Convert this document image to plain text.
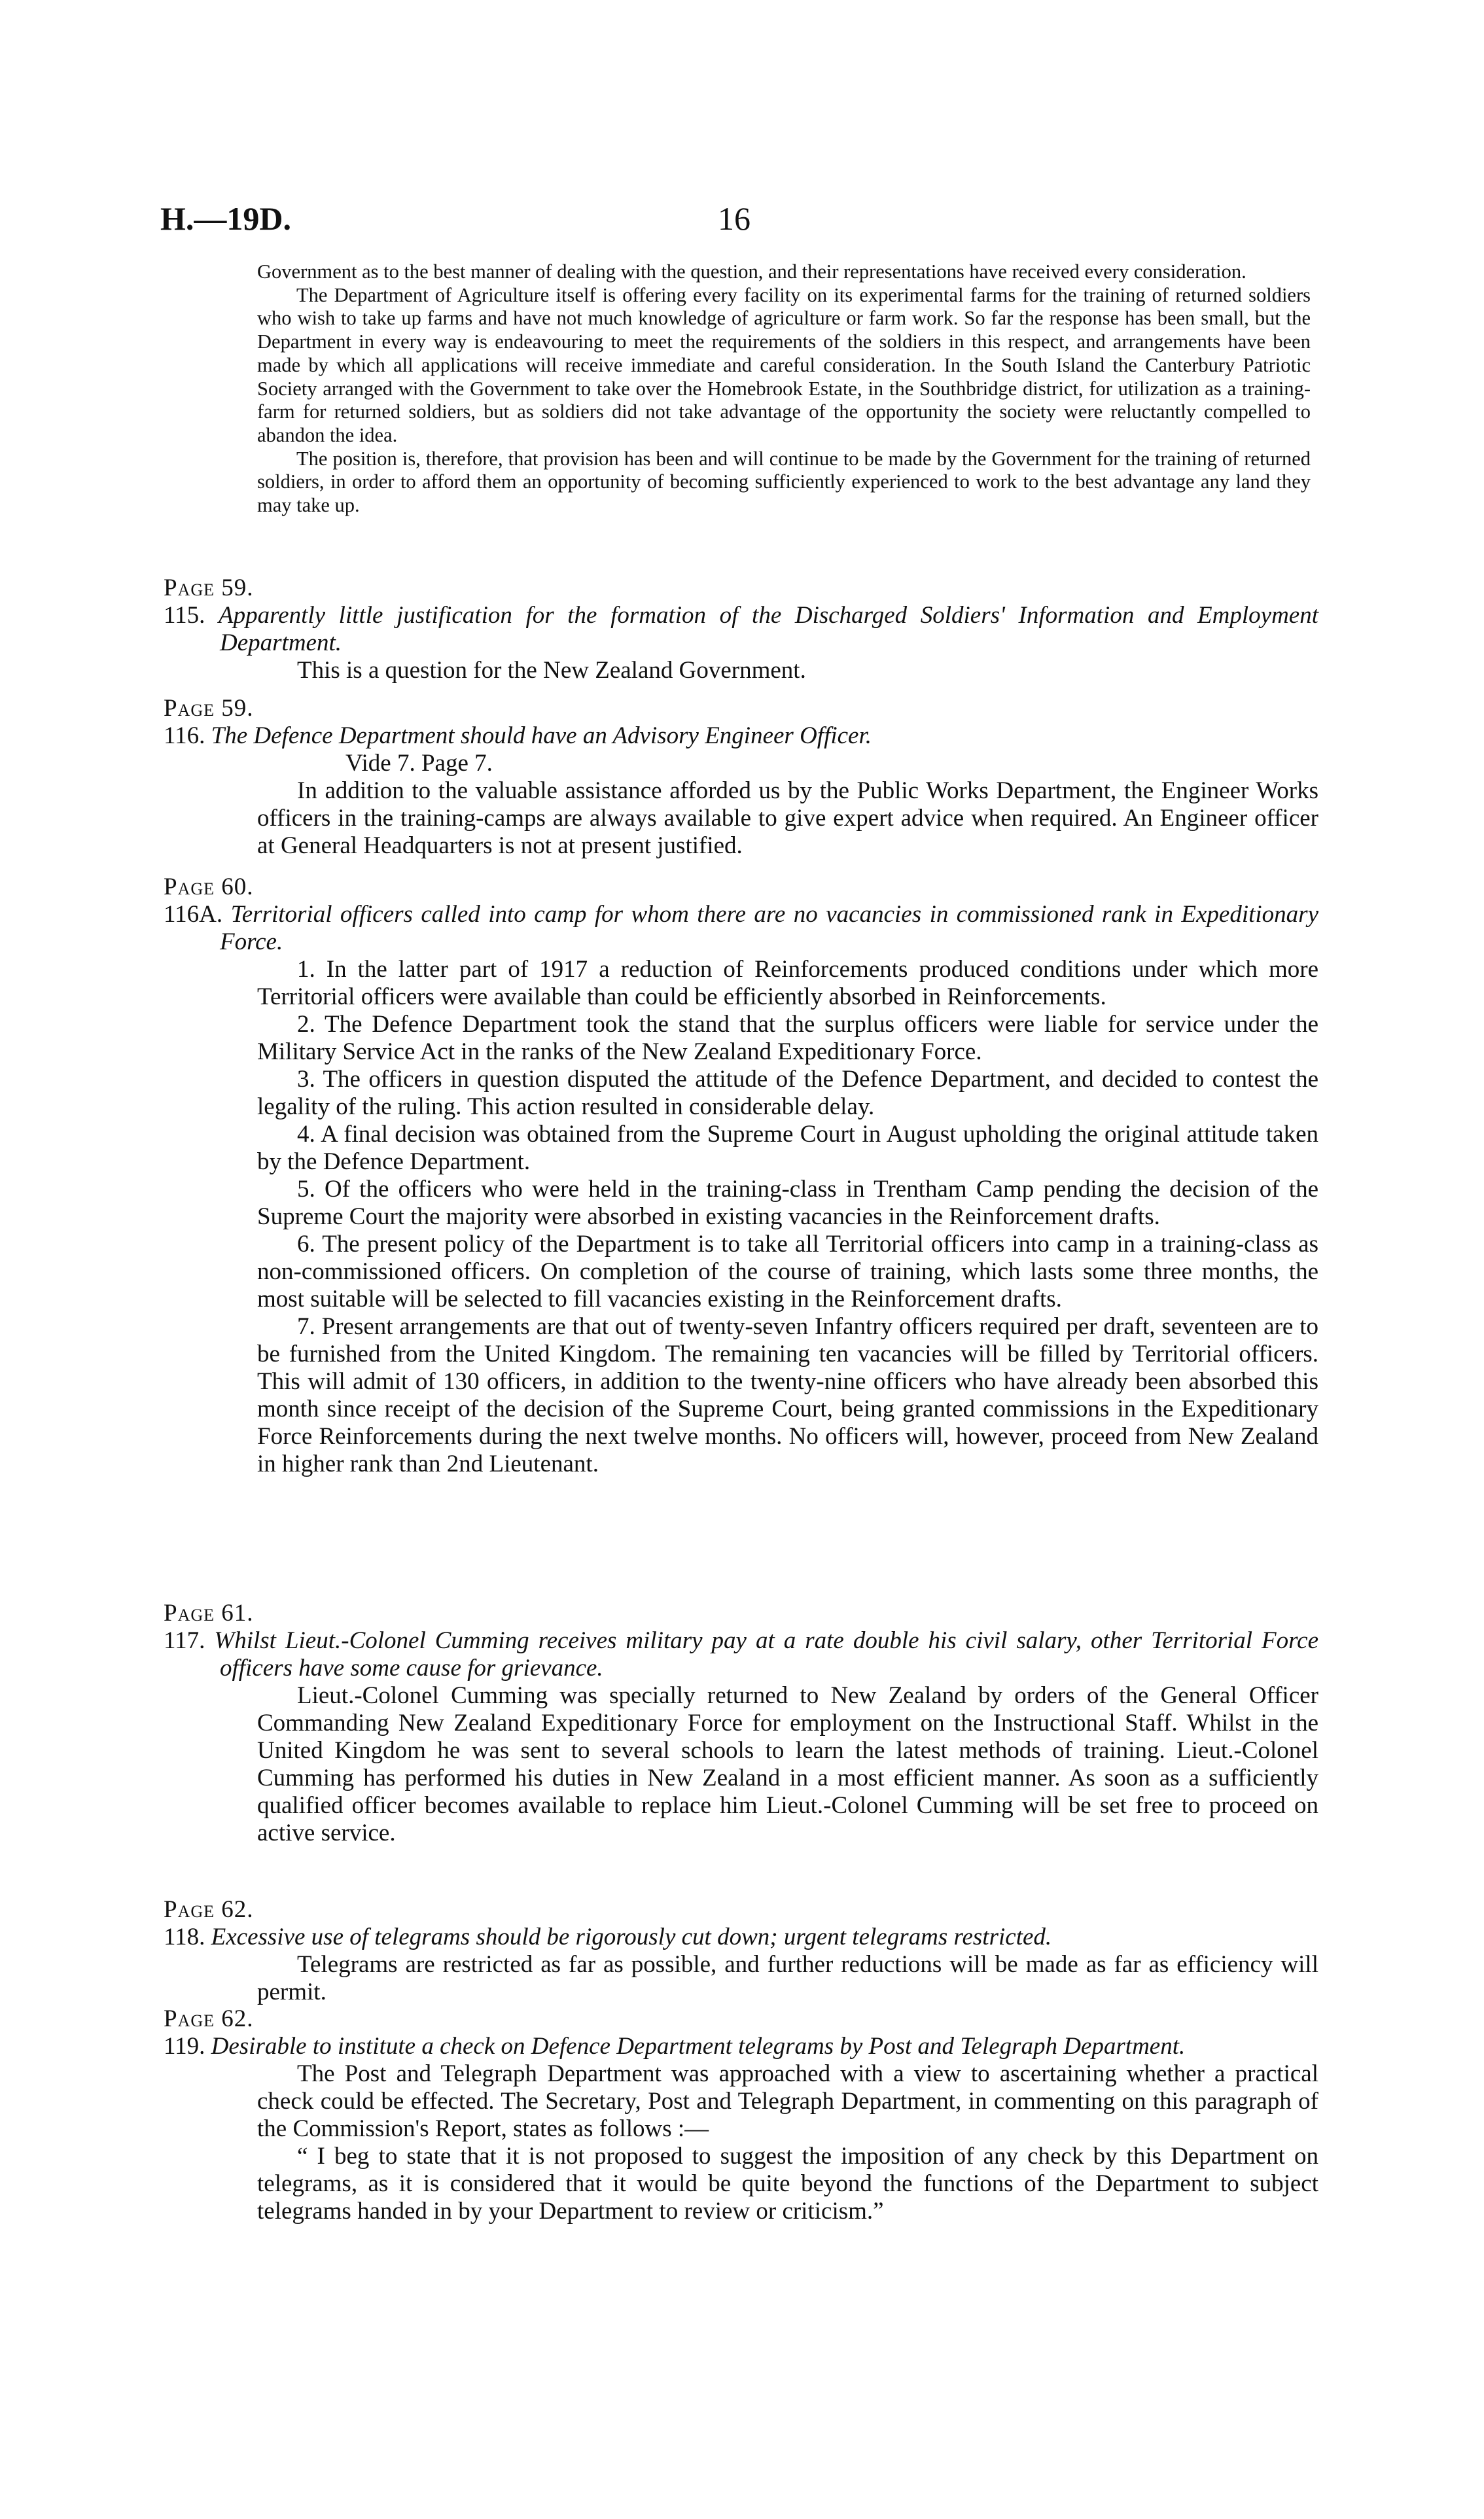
H.—19D.	16

Government as to the best manner of dealing with the question, and their representations have received every consideration.

The Department of Agriculture itself is offering every facility on its experimental farms for the training of returned soldiers who wish to take up farms and have not much knowledge of agriculture or farm work. So far the response has been small, but the Department in every way is endeavouring to meet the requirements of the soldiers in this respect, and arrangements have been made by which all applications will receive immediate and careful consideration. In the South Island the Canterbury Patriotic Society arranged with the Government to take over the Homebrook Estate, in the Southbridge district, for utilization as a training-farm for returned soldiers, but as soldiers did not take advantage of the opportunity the society were reluctantly compelled to abandon the idea.

The position is, therefore, that provision has been and will continue to be made by the Government for the training of returned soldiers, in order to afford them an opportunity of becoming sufficiently experienced to work to the best advantage any land they may take up.

Page 59.
115. Apparently little justification for the formation of the Discharged Soldiers' Information and Employment Department.

This is a question for the New Zealand Government.

Page 59.
116. The Defence Department should have an Advisory Engineer Officer.
Vide 7. Page 7.

In addition to the valuable assistance afforded us by the Public Works Department, the Engineer Works officers in the training-camps are always available to give expert advice when required. An Engineer officer at General Headquarters is not at present justified.

Page 60.
116A. Territorial officers called into camp for whom there are no vacancies in commissioned rank in Expeditionary Force.

1. In the latter part of 1917 a reduction of Reinforcements produced conditions under which more Territorial officers were available than could be efficiently absorbed in Reinforcements.

2. The Defence Department took the stand that the surplus officers were liable for service under the Military Service Act in the ranks of the New Zealand Expeditionary Force.

3. The officers in question disputed the attitude of the Defence Department, and decided to contest the legality of the ruling. This action resulted in considerable delay.

4. A final decision was obtained from the Supreme Court in August upholding the original attitude taken by the Defence Department.

5. Of the officers who were held in the training-class in Trentham Camp pending the decision of the Supreme Court the majority were absorbed in existing vacancies in the Reinforcement drafts.

6. The present policy of the Department is to take all Territorial officers into camp in a training-class as non-commissioned officers. On completion of the course of training, which lasts some three months, the most suitable will be selected to fill vacancies existing in the Reinforcement drafts.

7. Present arrangements are that out of twenty-seven Infantry officers required per draft, seventeen are to be furnished from the United Kingdom. The remaining ten vacancies will be filled by Territorial officers. This will admit of 130 officers, in addition to the twenty-nine officers who have already been absorbed this month since receipt of the decision of the Supreme Court, being granted commissions in the Expeditionary Force Reinforcements during the next twelve months. No officers will, however, proceed from New Zealand in higher rank than 2nd Lieutenant.

Page 61.
117. Whilst Lieut.-Colonel Cumming receives military pay at a rate double his civil salary, other Territorial Force officers have some cause for grievance.

Lieut.-Colonel Cumming was specially returned to New Zealand by orders of the General Officer Commanding New Zealand Expeditionary Force for employment on the Instructional Staff. Whilst in the United Kingdom he was sent to several schools to learn the latest methods of training. Lieut.-Colonel Cumming has performed his duties in New Zealand in a most efficient manner. As soon as a sufficiently qualified officer becomes available to replace him Lieut.-Colonel Cumming will be set free to proceed on active service.

Page 62.
118. Excessive use of telegrams should be rigorously cut down; urgent telegrams restricted.

Telegrams are restricted as far as possible, and further reductions will be made as far as efficiency will permit.

Page 62.
119. Desirable to institute a check on Defence Department telegrams by Post and Telegraph Department.

The Post and Telegraph Department was approached with a view to ascertaining whether a practical check could be effected. The Secretary, Post and Telegraph Department, in commenting on this paragraph of the Commission's Report, states as follows :—

“ I beg to state that it is not proposed to suggest the imposition of any check by this Department on telegrams, as it is considered that it would be quite beyond the functions of the Department to subject telegrams handed in by your Department to review or criticism.”
